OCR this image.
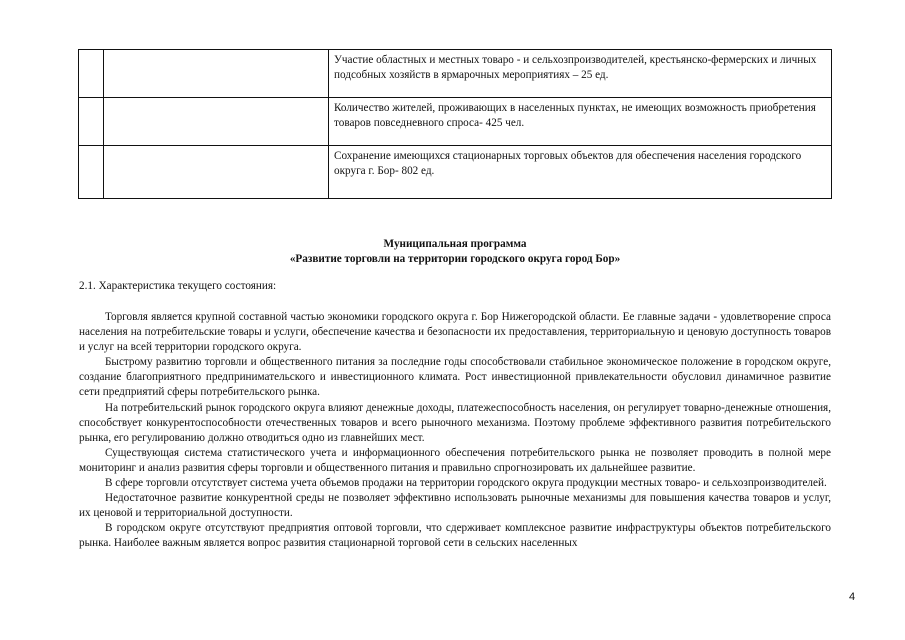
		Участие областных и местных товаро - и сельхозпроизводителей, крестьянско-фермерских и личных подсобных хозяйств в ярмарочных мероприятиях – 25 ед.
		Количество жителей, проживающих в населенных пунктах, не имеющих возможность приобретения товаров повседневного спроса- 425 чел.
		Сохранение имеющихся стационарных торговых объектов для обеспечения населения городского округа г. Бор- 802 ед.
Муниципальная программа
«Развитие торговли на территории городского округа город Бор»
2.1. Характеристика текущего состояния:

Торговля является крупной составной частью экономики городского округа г. Бор Нижегородской области. Ее главные задачи - удовлетворение спроса населения на потребительские товары и услуги, обеспечение качества и безопасности их предоставления, территориальную и ценовую доступность товаров и услуг на всей территории городского округа.

Быстрому развитию торговли и общественного питания за последние годы способствовали стабильное экономическое положение в городском округе, создание благоприятного предпринимательского и инвестиционного климата. Рост инвестиционной привлекательности обусловил динамичное развитие сети предприятий сферы потребительского рынка.

На потребительский рынок городского округа влияют денежные доходы, платежеспособность населения, он регулирует товарно-денежные отношения, способствует конкурентоспособности отечественных товаров и всего рыночного механизма. Поэтому проблеме эффективного развития потребительского рынка, его регулированию должно отводиться одно из главнейших мест.

Существующая система статистического учета и информационного обеспечения потребительского рынка не позволяет проводить в полной мере мониторинг и анализ развития сферы торговли и общественного питания и правильно спрогнозировать их дальнейшее развитие.

В сфере торговли отсутствует система учета объемов продажи на территории городского округа продукции местных товаро- и сельхозпроизводителей.

Недостаточное развитие конкурентной среды не позволяет эффективно использовать рыночные механизмы для повышения качества товаров и услуг, их ценовой и территориальной доступности.

В городском округе отсутствуют предприятия оптовой торговли, что сдерживает комплексное развитие инфраструктуры объектов потребительского рынка. Наиболее важным является вопрос развития стационарной торговой сети в сельских населенных

4
